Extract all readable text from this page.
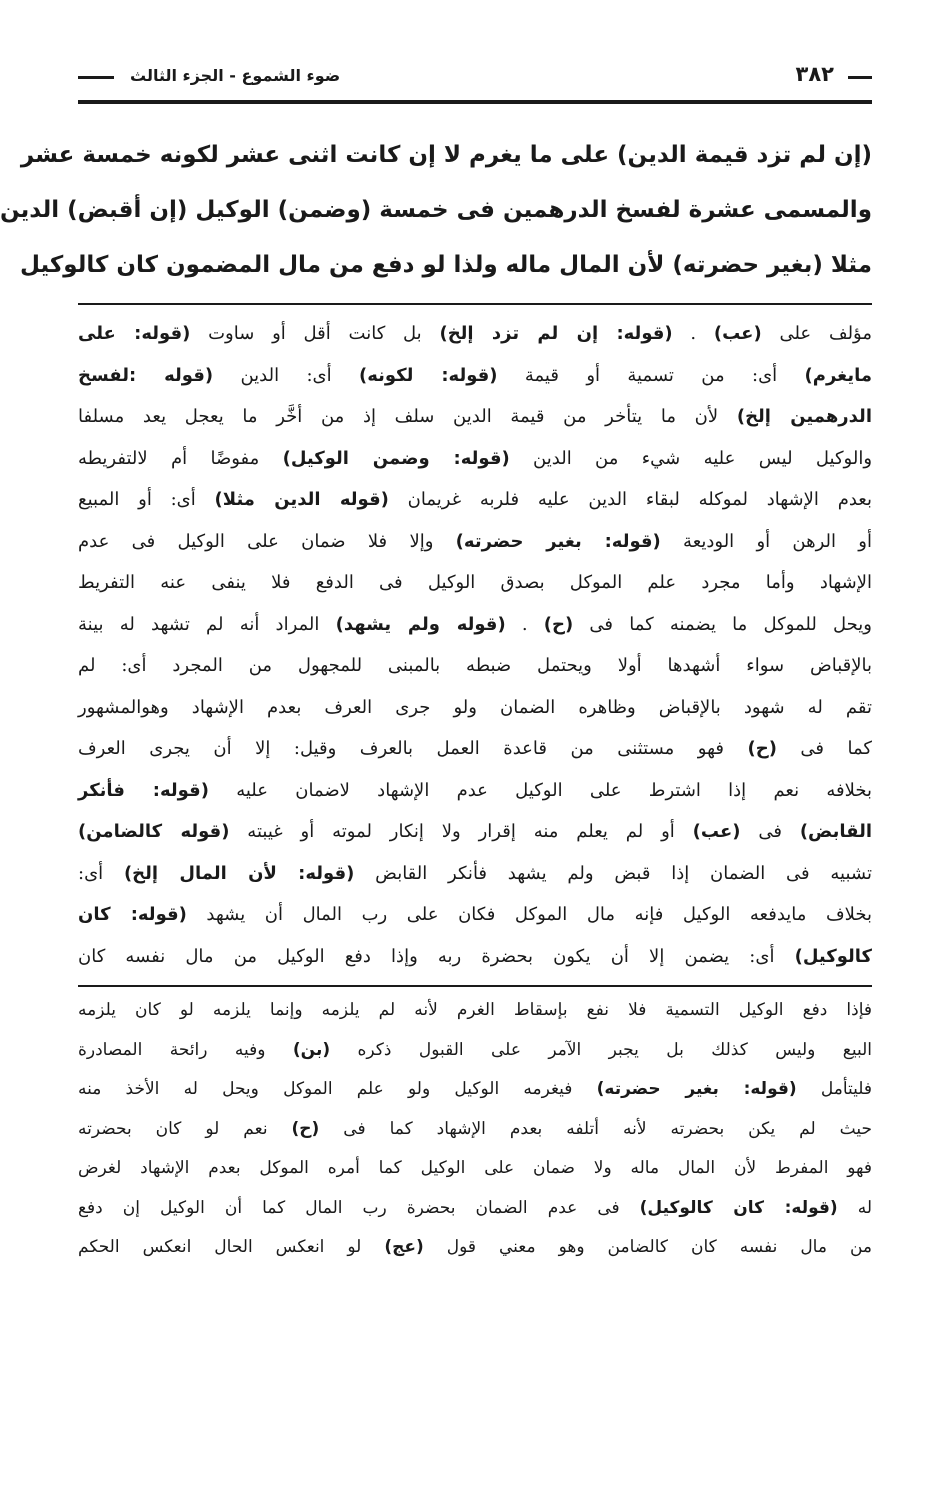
٣٨٢
ضوء الشموع - الجزء الثالث
(إن لم تزد قيمة الدين) على ما يغرم لا إن كانت اثنى عشر لكونه خمسة عشر
والمسمى عشرة لفسخ الدرهمين فى خمسة (وضمن) الوكيل (إن أقبض) الدين
مثلا (بغير حضرته) لأن المال ماله ولذا لو دفع من مال المضمون كان كالوكيل
مؤلف على (عب) . (قوله: إن لم تزد إلخ) بل كانت أقل أو ساوت (قوله: على
مايغرم) أى: من تسمية أو قيمة (قوله: لكونه) أى: الدين (قوله :لفسخ
الدرهمين إلخ) لأن ما يتأخر من قيمة الدين سلف إذ من أخَّر ما يعجل يعد مسلفا
والوكيل ليس عليه شيء من الدين (قوله: وضمن الوكيل) مفوضًا أم لالتفريطه
بعدم الإشهاد لموكله لبقاء الدين عليه فلربه غريمان (قوله الدين مثلا) أى: أو المبيع
أو الرهن أو الوديعة (قوله: بغير حضرته) وإلا فلا ضمان على الوكيل فى عدم
الإشهاد وأما مجرد علم الموكل بصدق الوكيل فى الدفع فلا ينفى عنه التفريط
ويحل للموكل ما يضمنه كما فى (ح) . (قوله ولم يشهد) المراد أنه لم تشهد له بينة
بالإقباض سواء أشهدها أولا ويحتمل ضبطه بالمبنى للمجهول من المجرد أى: لم
تقم له شهود بالإقباض وظاهره الضمان ولو جرى العرف بعدم الإشهاد وهوالمشهور
كما فى (ح) فهو مستثنى من قاعدة العمل بالعرف وقيل: إلا أن يجرى العرف
بخلافه نعم إذا اشترط على الوكيل عدم الإشهاد لاضمان عليه (قوله: فأنكر
القابض) فى (عب) أو لم يعلم منه إقرار ولا إنكار لموته أو غيبته (قوله كالضامن)
تشبيه فى الضمان إذا قبض ولم يشهد فأنكر القابض (قوله: لأن المال إلخ) أى:
بخلاف مايدفعه الوكيل فإنه مال الموكل فكان على رب المال أن يشهد (قوله: كان
كالوكيل) أى: يضمن إلا أن يكون بحضرة ربه وإذا دفع الوكيل من مال نفسه كان
فإذا دفع الوكيل التسمية فلا نفع بإسقاط الغرم لأنه لم يلزمه وإنما يلزمه لو كان يلزمه
البيع وليس كذلك بل يجبر الآمر على القبول ذكره (بن) وفيه رائحة المصادرة
فليتأمل (قوله: بغير حضرته) فيغرمه الوكيل ولو علم الموكل ويحل له الأخذ منه
حيث لم يكن بحضرته لأنه أتلفه بعدم الإشهاد كما فى (ح) نعم لو كان بحضرته
فهو المفرط لأن المال ماله ولا ضمان على الوكيل كما أمره الموكل بعدم الإشهاد لغرض
له (قوله: كان كالوكيل) فى عدم الضمان بحضرة رب المال كما أن الوكيل إن دفع
من مال نفسه كان كالضامن وهو معني قول (عج) لو انعكس الحال انعكس الحكم
